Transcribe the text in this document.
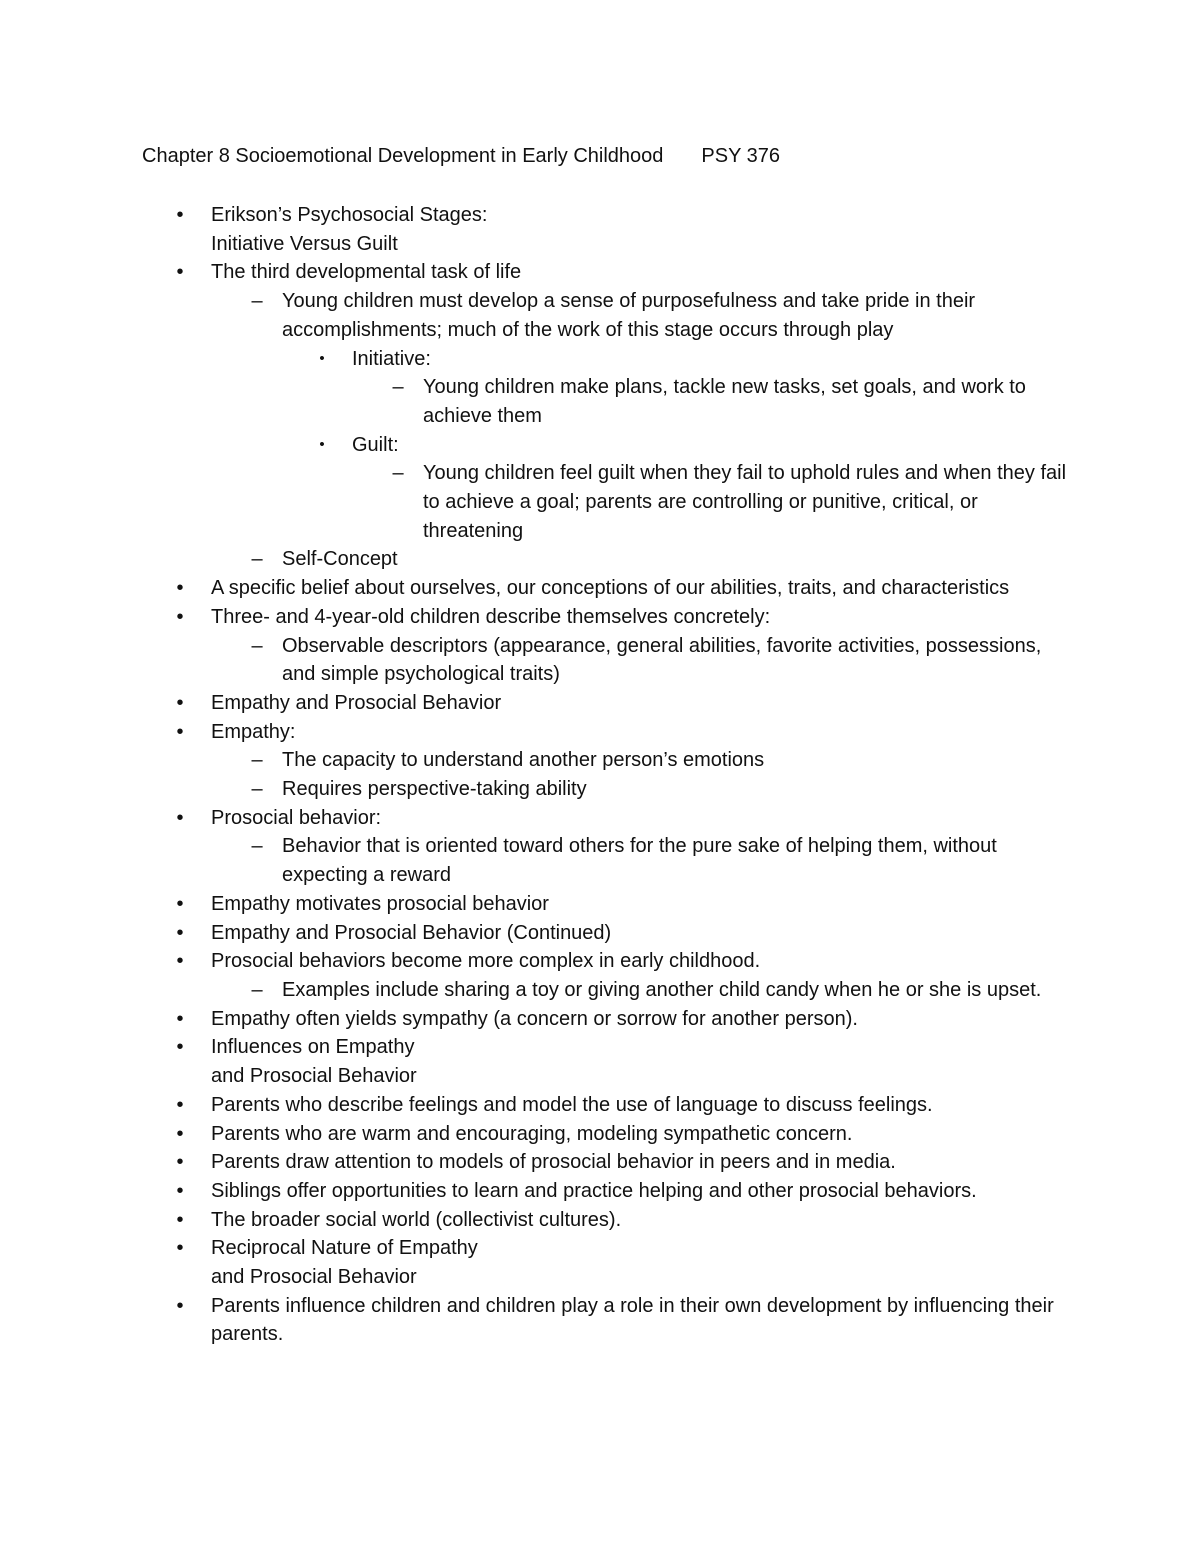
Chapter 8 Socioemotional Development in Early Childhood PSY 376
•	Erikson’s Psychosocial Stages:
Initiative Versus Guilt
•	The third developmental task of life
– Young children must develop a sense of purposefulness and take pride in their accomplishments; much of the work of this stage occurs through play
•	Initiative:
– Young children make plans, tackle new tasks, set goals, and work to achieve them
•	Guilt:
– Young children feel guilt when they fail to uphold rules and when they fail to achieve a goal; parents are controlling or punitive, critical, or threatening
– Self-Concept
•	A specific belief about ourselves, our conceptions of our abilities, traits, and characteristics
•	Three- and 4-year-old children describe themselves concretely:
– Observable descriptors (appearance, general abilities, favorite activities, possessions, and simple psychological traits)
•	Empathy and Prosocial Behavior
•	Empathy:
– The capacity to understand another person’s emotions
– Requires perspective-taking ability
•	Prosocial behavior:
– Behavior that is oriented toward others for the pure sake of helping them, without expecting a reward
•	Empathy motivates prosocial behavior
•	Empathy and Prosocial Behavior (Continued)
•	Prosocial behaviors become more complex in early childhood.
– Examples include sharing a toy or giving another child candy when he or she is upset.
•	Empathy often yields sympathy (a concern or sorrow for another person).
•	Influences on Empathy
and Prosocial Behavior
•	Parents who describe feelings and model the use of language to discuss feelings.
•	Parents who are warm and encouraging, modeling sympathetic concern.
•	Parents draw attention to models of prosocial behavior in peers and in media.
•	Siblings offer opportunities to learn and practice helping and other prosocial behaviors.
•	The broader social world (collectivist cultures).
•	Reciprocal Nature of Empathy
and Prosocial Behavior
•	Parents influence children and children play a role in their own development by influencing their parents.
